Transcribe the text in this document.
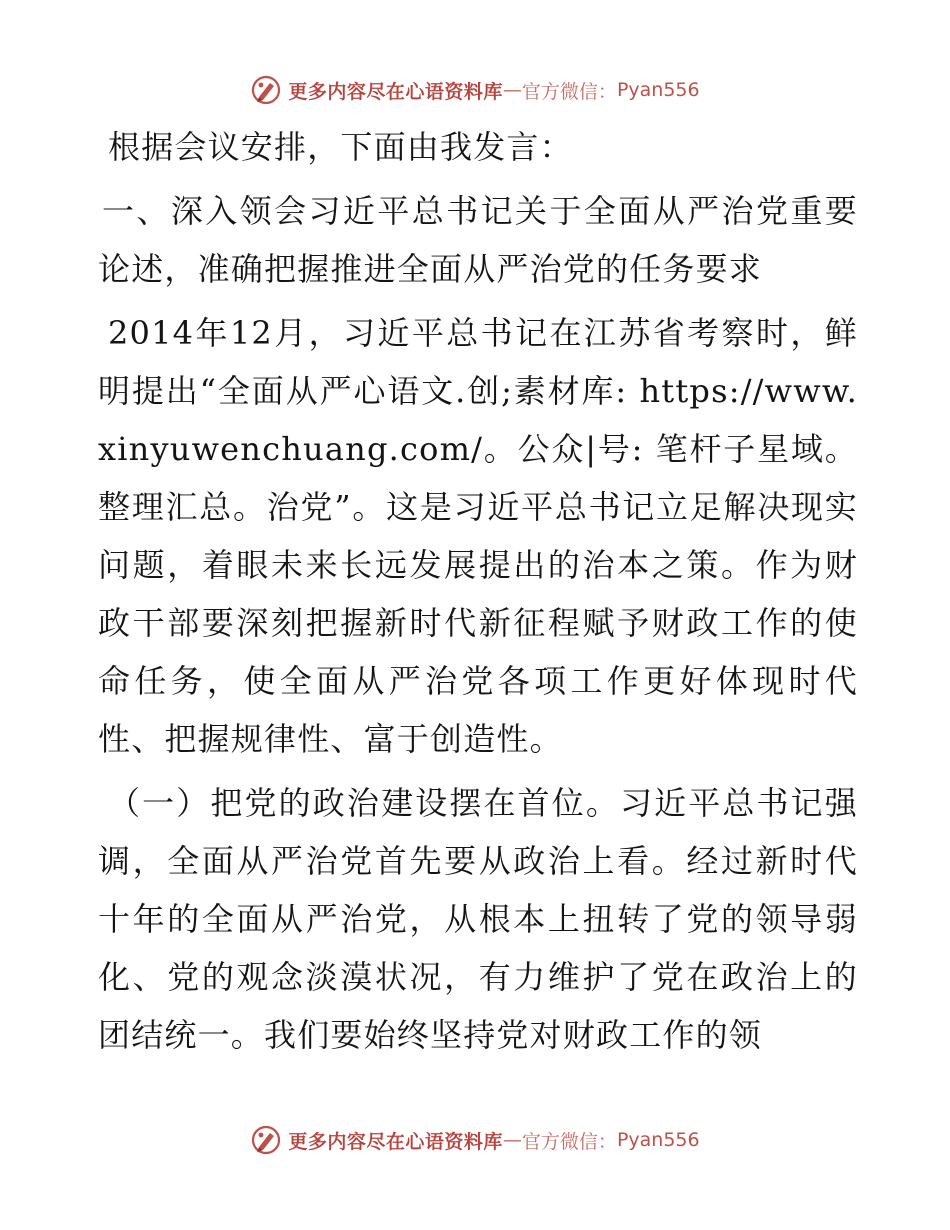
更多内容尽在心语资料库 — 官方微信： Pyan556

根据会议安排，下面由我发言：

一、深入领会习近平总书记关于全面从严治党重要论述，准确把握推进全面从严治党的任务要求

2014年12月，习近平总书记在江苏省考察时，鲜明提出“全面从严心语文.创;素材库: https://www.xinyuwenchuang.com/。公众|号: 笔杆子星域。整理汇总。治党”。这是习近平总书记立足解决现实问题，着眼未来长远发展提出的治本之策。作为财政干部要深刻把握新时代新征程赋予财政工作的使命任务，使全面从严治党各项工作更好体现时代性、把握规律性、富于创造性。

（一）把党的政治建设摆在首位。习近平总书记强调，全面从严治党首先要从政治上看。经过新时代十年的全面从严治党，从根本上扭转了党的领导弱化、党的观念淡漠状况，有力维护了党在政治上的团结统一。我们要始终坚持党对财政工作的领

更多内容尽在心语资料库 — 官方微信： Pyan556
